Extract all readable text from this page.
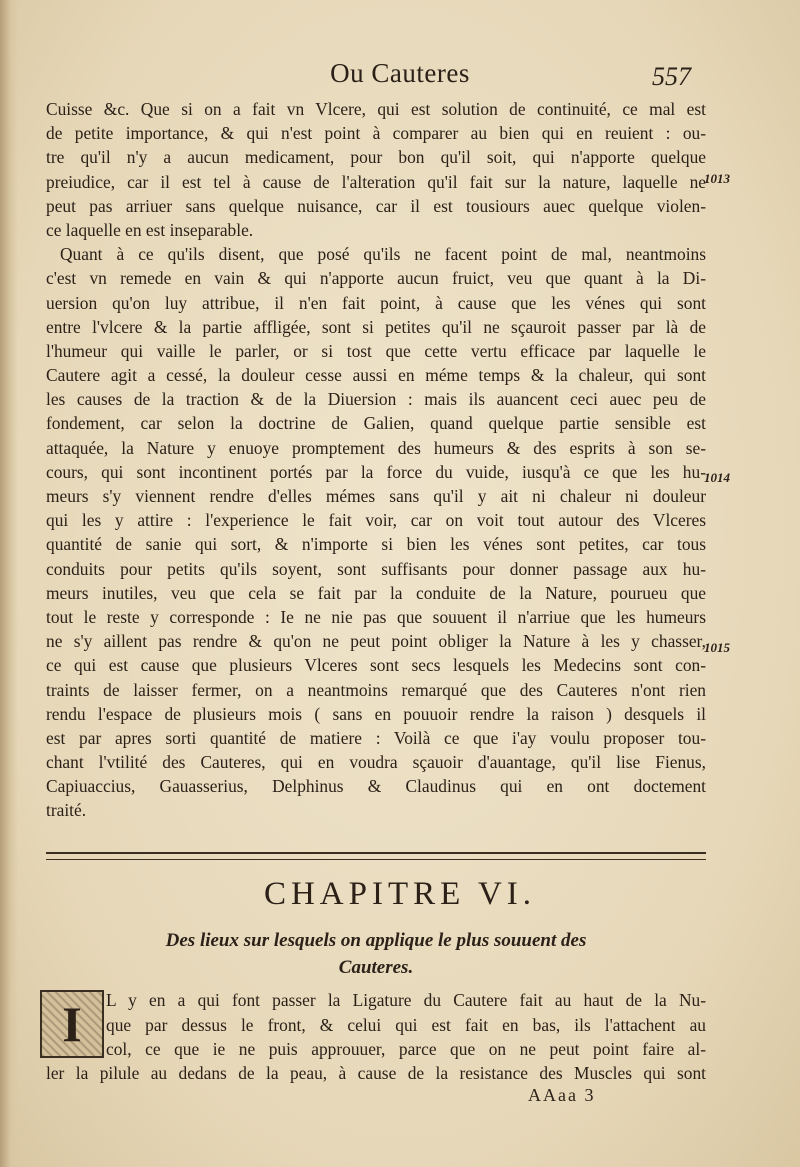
Ou Cauteres	557
Cuisse &c. Que si on a fait vn Vlcere, qui est solution de continuité, ce mal est
de petite importance, & qui n'est point à comparer au bien qui en reuient : ou-
tre qu'il n'y a aucun medicament, pour bon qu'il soit, qui n'apporte quelque
preiudice, car il est tel à cause de l'alteration qu'il fait sur la nature, laquelle ne
peut pas arriuer sans quelque nuisance, car il est tousiours auec quelque violen-
ce laquelle en est inseparable.
Quant à ce qu'ils disent, que posé qu'ils ne facent point de mal, neantmoins
c'est vn remede en vain & qui n'apporte aucun fruict, veu que quant à la Di-
uersion qu'on luy attribue, il n'en fait point, à cause que les vénes qui sont
entre l'vlcere & la partie affligée, sont si petites qu'il ne sçauroit passer par là de
l'humeur qui vaille le parler, or si tost que cette vertu efficace par laquelle le
Cautere agit a cessé, la douleur cesse aussi en méme temps & la chaleur, qui sont
les causes de la traction & de la Diuersion : mais ils auancent ceci auec peu de
fondement, car selon la doctrine de Galien, quand quelque partie sensible est
attaquée, la Nature y enuoye promptement des humeurs & des esprits à son se-
cours, qui sont incontinent portés par la force du vuide, iusqu'à ce que les hu-
meurs s'y viennent rendre d'elles mémes sans qu'il y ait ni chaleur ni douleur
qui les y attire : l'experience le fait voir, car on voit tout autour des Vlceres
quantité de sanie qui sort, & n'importe si bien les vénes sont petites, car tous
conduits pour petits qu'ils soyent, sont suffisants pour donner passage aux hu-
meurs inutiles, veu que cela se fait par la conduite de la Nature, pourueu que
tout le reste y corresponde : Ie ne nie pas que souuent il n'arriue que les humeurs
ne s'y aillent pas rendre & qu'on ne peut point obliger la Nature à les y chasser,
ce qui est cause que plusieurs Vlceres sont secs lesquels les Medecins sont con-
traints de laisser fermer, on a neantmoins remarqué que des Cauteres n'ont rien
rendu l'espace de plusieurs mois ( sans en pouuoir rendre la raison ) desquels il
est par apres sorti quantité de matiere : Voilà ce que i'ay voulu proposer tou-
chant l'vtilité des Cauteres, qui en voudra sçauoir d'auantage, qu'il lise Fienus,
Capiuaccius, Gauasserius, Delphinus & Claudinus qui en ont doctement
traité.
1013
1014
1015
CHAPITRE VI.
Des lieux sur lesquels on applique le plus souuent des
Cauteres.
I	L y en a qui font passer la Ligature du Cautere fait au haut de la Nu-
que par dessus le front, & celui qui est fait en bas, ils l'attachent au
col, ce que ie ne puis approuuer, parce que on ne peut point faire al-
ler la pilule au dedans de la peau, à cause de la resistance des Muscles qui sont
AAaa 3
